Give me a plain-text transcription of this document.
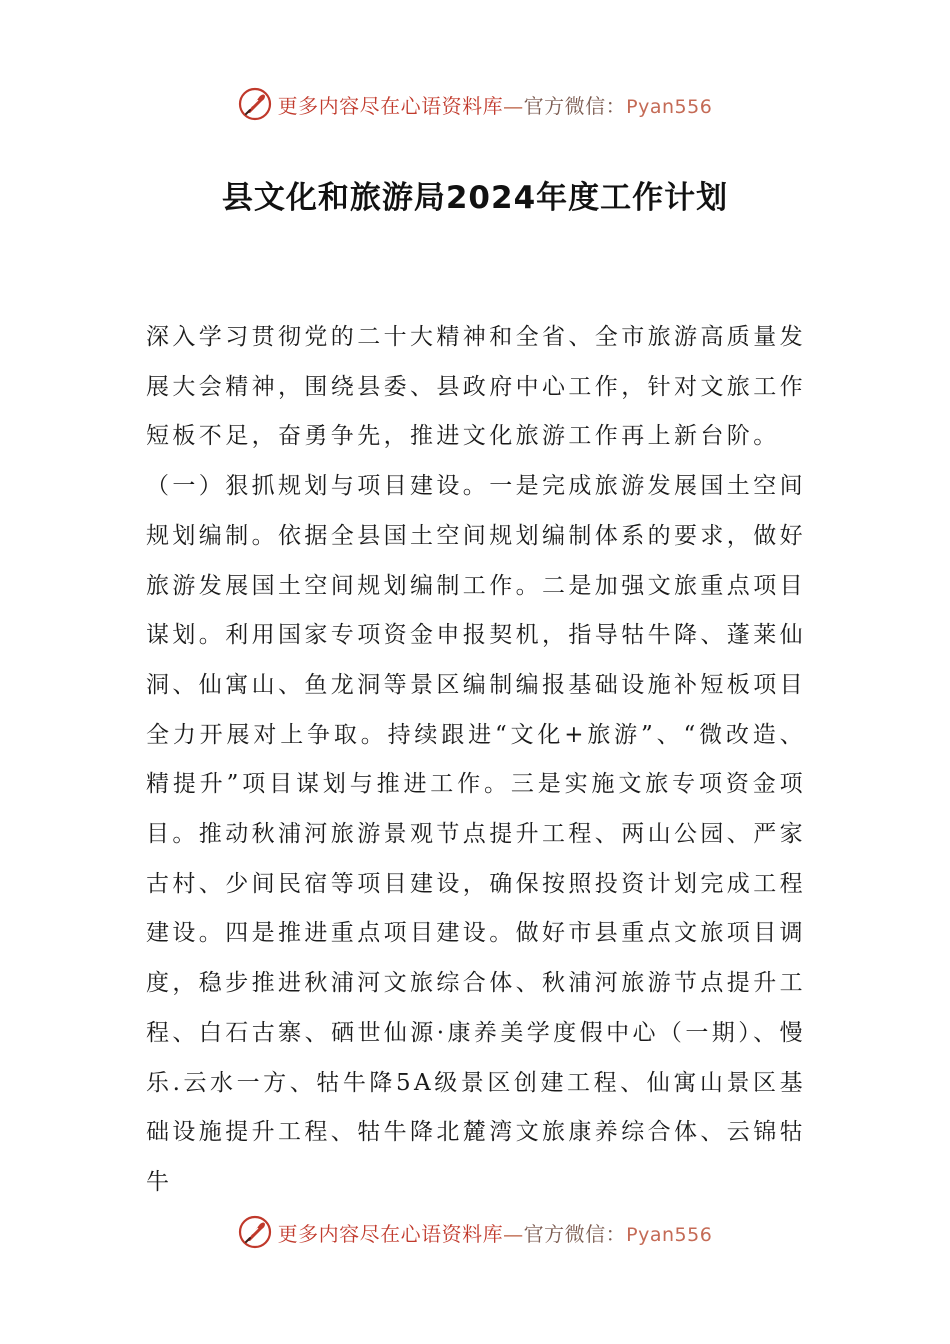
更多内容尽在心语资料库—官方微信：Pyan556
县文化和旅游局2024年度工作计划

深入学习贯彻党的二十大精神和全省、全市旅游高质量发展大会精神，围绕县委、县政府中心工作，针对文旅工作短板不足，奋勇争先，推进文化旅游工作再上新台阶。

（一）狠抓规划与项目建设。一是完成旅游发展国土空间规划编制。依据全县国土空间规划编制体系的要求，做好旅游发展国土空间规划编制工作。二是加强文旅重点项目谋划。利用国家专项资金申报契机，指导牯牛降、蓬莱仙洞、仙寓山、鱼龙洞等景区编制编报基础设施补短板项目全力开展对上争取。持续跟进“文化+旅游”、“微改造、精提升”项目谋划与推进工作。三是实施文旅专项资金项目。推动秋浦河旅游景观节点提升工程、两山公园、严家古村、少间民宿等项目建设，确保按照投资计划完成工程建设。四是推进重点项目建设。做好市县重点文旅项目调度，稳步推进秋浦河文旅综合体、秋浦河旅游节点提升工程、白石古寨、硒世仙源·康养美学度假中心（一期）、慢乐.云水一方、牯牛降5A级景区创建工程、仙寓山景区基础设施提升工程、牯牛降北麓湾文旅康养综合体、云锦牯牛

更多内容尽在心语资料库—官方微信：Pyan556
